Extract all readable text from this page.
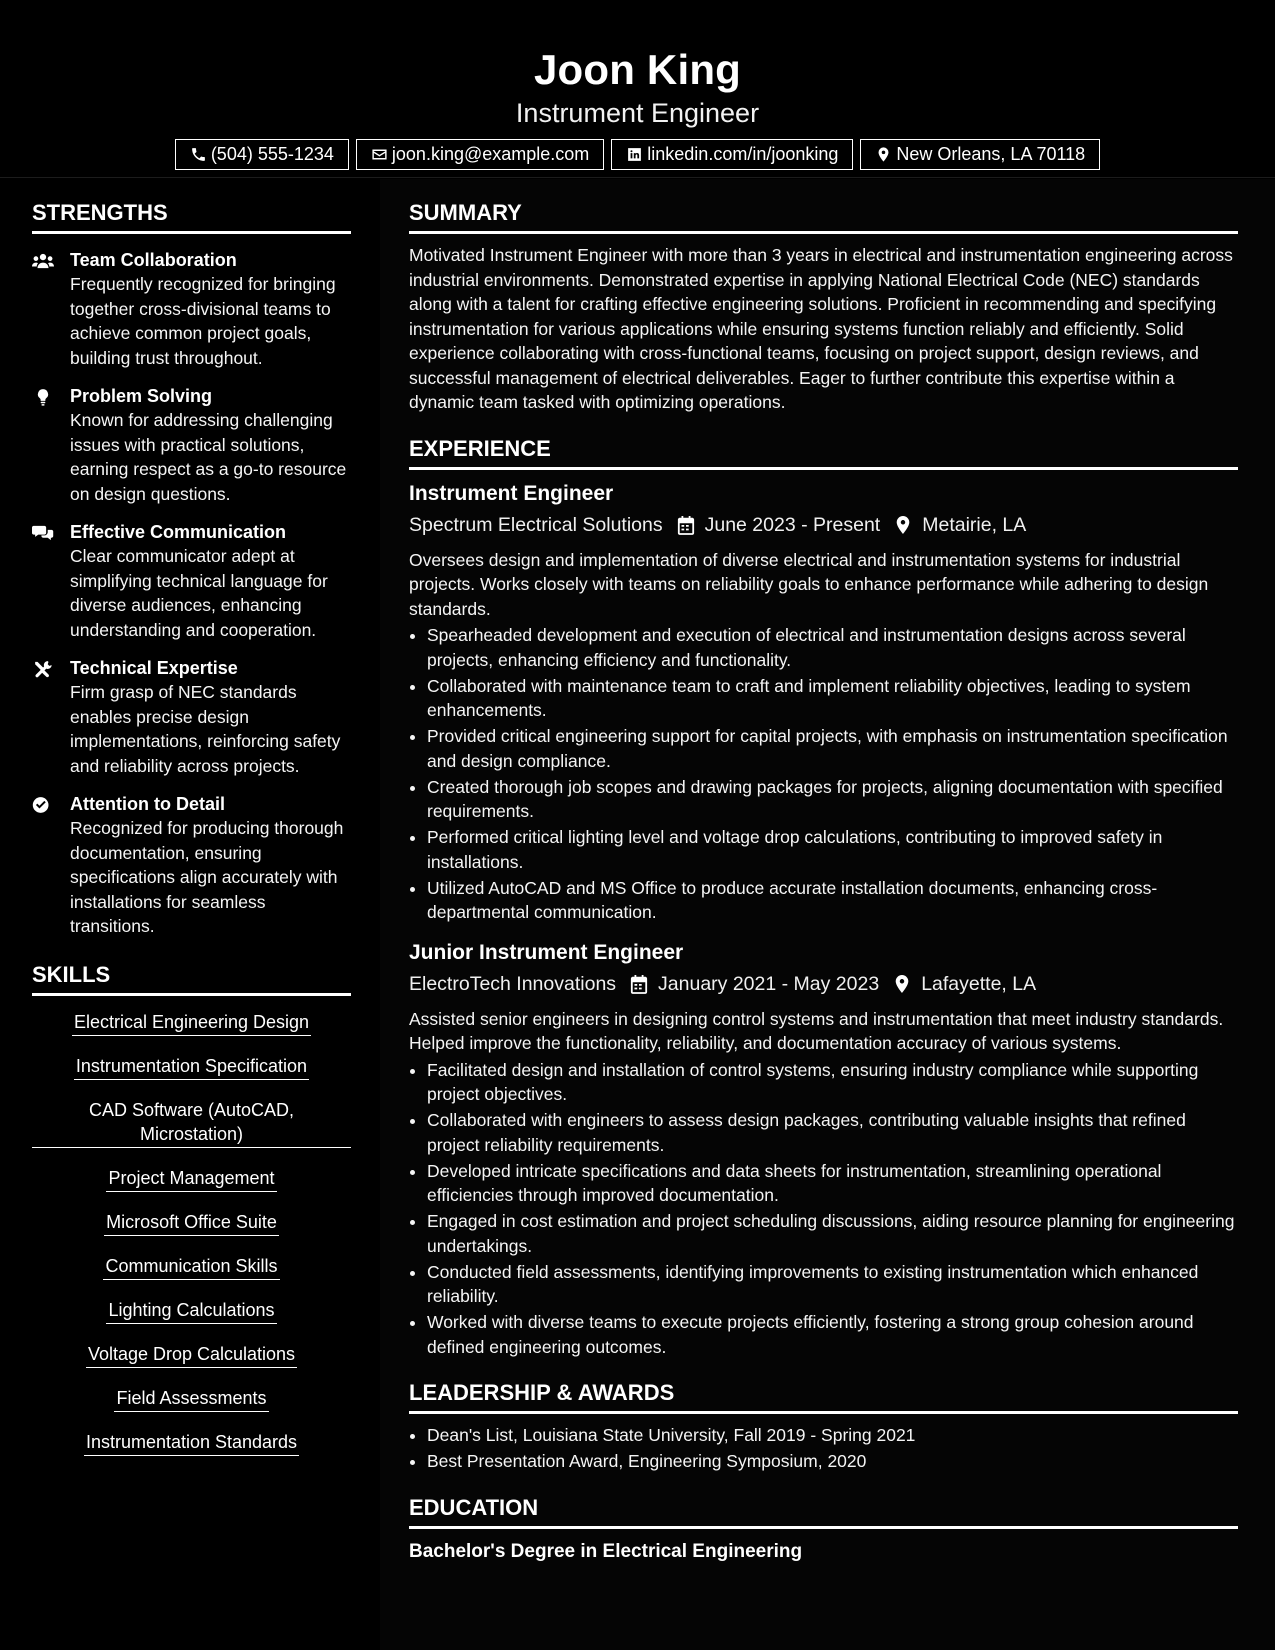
Joon King
Instrument Engineer
(504) 555-1234	joon.king@example.com	linkedin.com/in/joonking	New Orleans, LA 70118
STRENGTHS
Team Collaboration
Frequently recognized for bringing together cross-divisional teams to achieve common project goals, building trust throughout.
Problem Solving
Known for addressing challenging issues with practical solutions, earning respect as a go-to resource on design questions.
Effective Communication
Clear communicator adept at simplifying technical language for diverse audiences, enhancing understanding and cooperation.
Technical Expertise
Firm grasp of NEC standards enables precise design implementations, reinforcing safety and reliability across projects.
Attention to Detail
Recognized for producing thorough documentation, ensuring specifications align accurately with installations for seamless transitions.
SKILLS
Electrical Engineering Design
Instrumentation Specification
CAD Software (AutoCAD, Microstation)
Project Management
Microsoft Office Suite
Communication Skills
Lighting Calculations
Voltage Drop Calculations
Field Assessments
Instrumentation Standards
SUMMARY
Motivated Instrument Engineer with more than 3 years in electrical and instrumentation engineering across industrial environments. Demonstrated expertise in applying National Electrical Code (NEC) standards along with a talent for crafting effective engineering solutions. Proficient in recommending and specifying instrumentation for various applications while ensuring systems function reliably and efficiently. Solid experience collaborating with cross-functional teams, focusing on project support, design reviews, and successful management of electrical deliverables. Eager to further contribute this expertise within a dynamic team tasked with optimizing operations.
EXPERIENCE
Instrument Engineer
Spectrum Electrical Solutions June 2023 - Present Metairie, LA
Oversees design and implementation of diverse electrical and instrumentation systems for industrial projects. Works closely with teams on reliability goals to enhance performance while adhering to design standards.
• Spearheaded development and execution of electrical and instrumentation designs across several projects, enhancing efficiency and functionality.
• Collaborated with maintenance team to craft and implement reliability objectives, leading to system enhancements.
• Provided critical engineering support for capital projects, with emphasis on instrumentation specification and design compliance.
• Created thorough job scopes and drawing packages for projects, aligning documentation with specified requirements.
• Performed critical lighting level and voltage drop calculations, contributing to improved safety in installations.
• Utilized AutoCAD and MS Office to produce accurate installation documents, enhancing cross-departmental communication.
Junior Instrument Engineer
ElectroTech Innovations January 2021 - May 2023 Lafayette, LA
Assisted senior engineers in designing control systems and instrumentation that meet industry standards. Helped improve the functionality, reliability, and documentation accuracy of various systems.
• Facilitated design and installation of control systems, ensuring industry compliance while supporting project objectives.
• Collaborated with engineers to assess design packages, contributing valuable insights that refined project reliability requirements.
• Developed intricate specifications and data sheets for instrumentation, streamlining operational efficiencies through improved documentation.
• Engaged in cost estimation and project scheduling discussions, aiding resource planning for engineering undertakings.
• Conducted field assessments, identifying improvements to existing instrumentation which enhanced reliability.
• Worked with diverse teams to execute projects efficiently, fostering a strong group cohesion around defined engineering outcomes.
LEADERSHIP & AWARDS
• Dean's List, Louisiana State University, Fall 2019 - Spring 2021
• Best Presentation Award, Engineering Symposium, 2020
EDUCATION
Bachelor's Degree in Electrical Engineering
